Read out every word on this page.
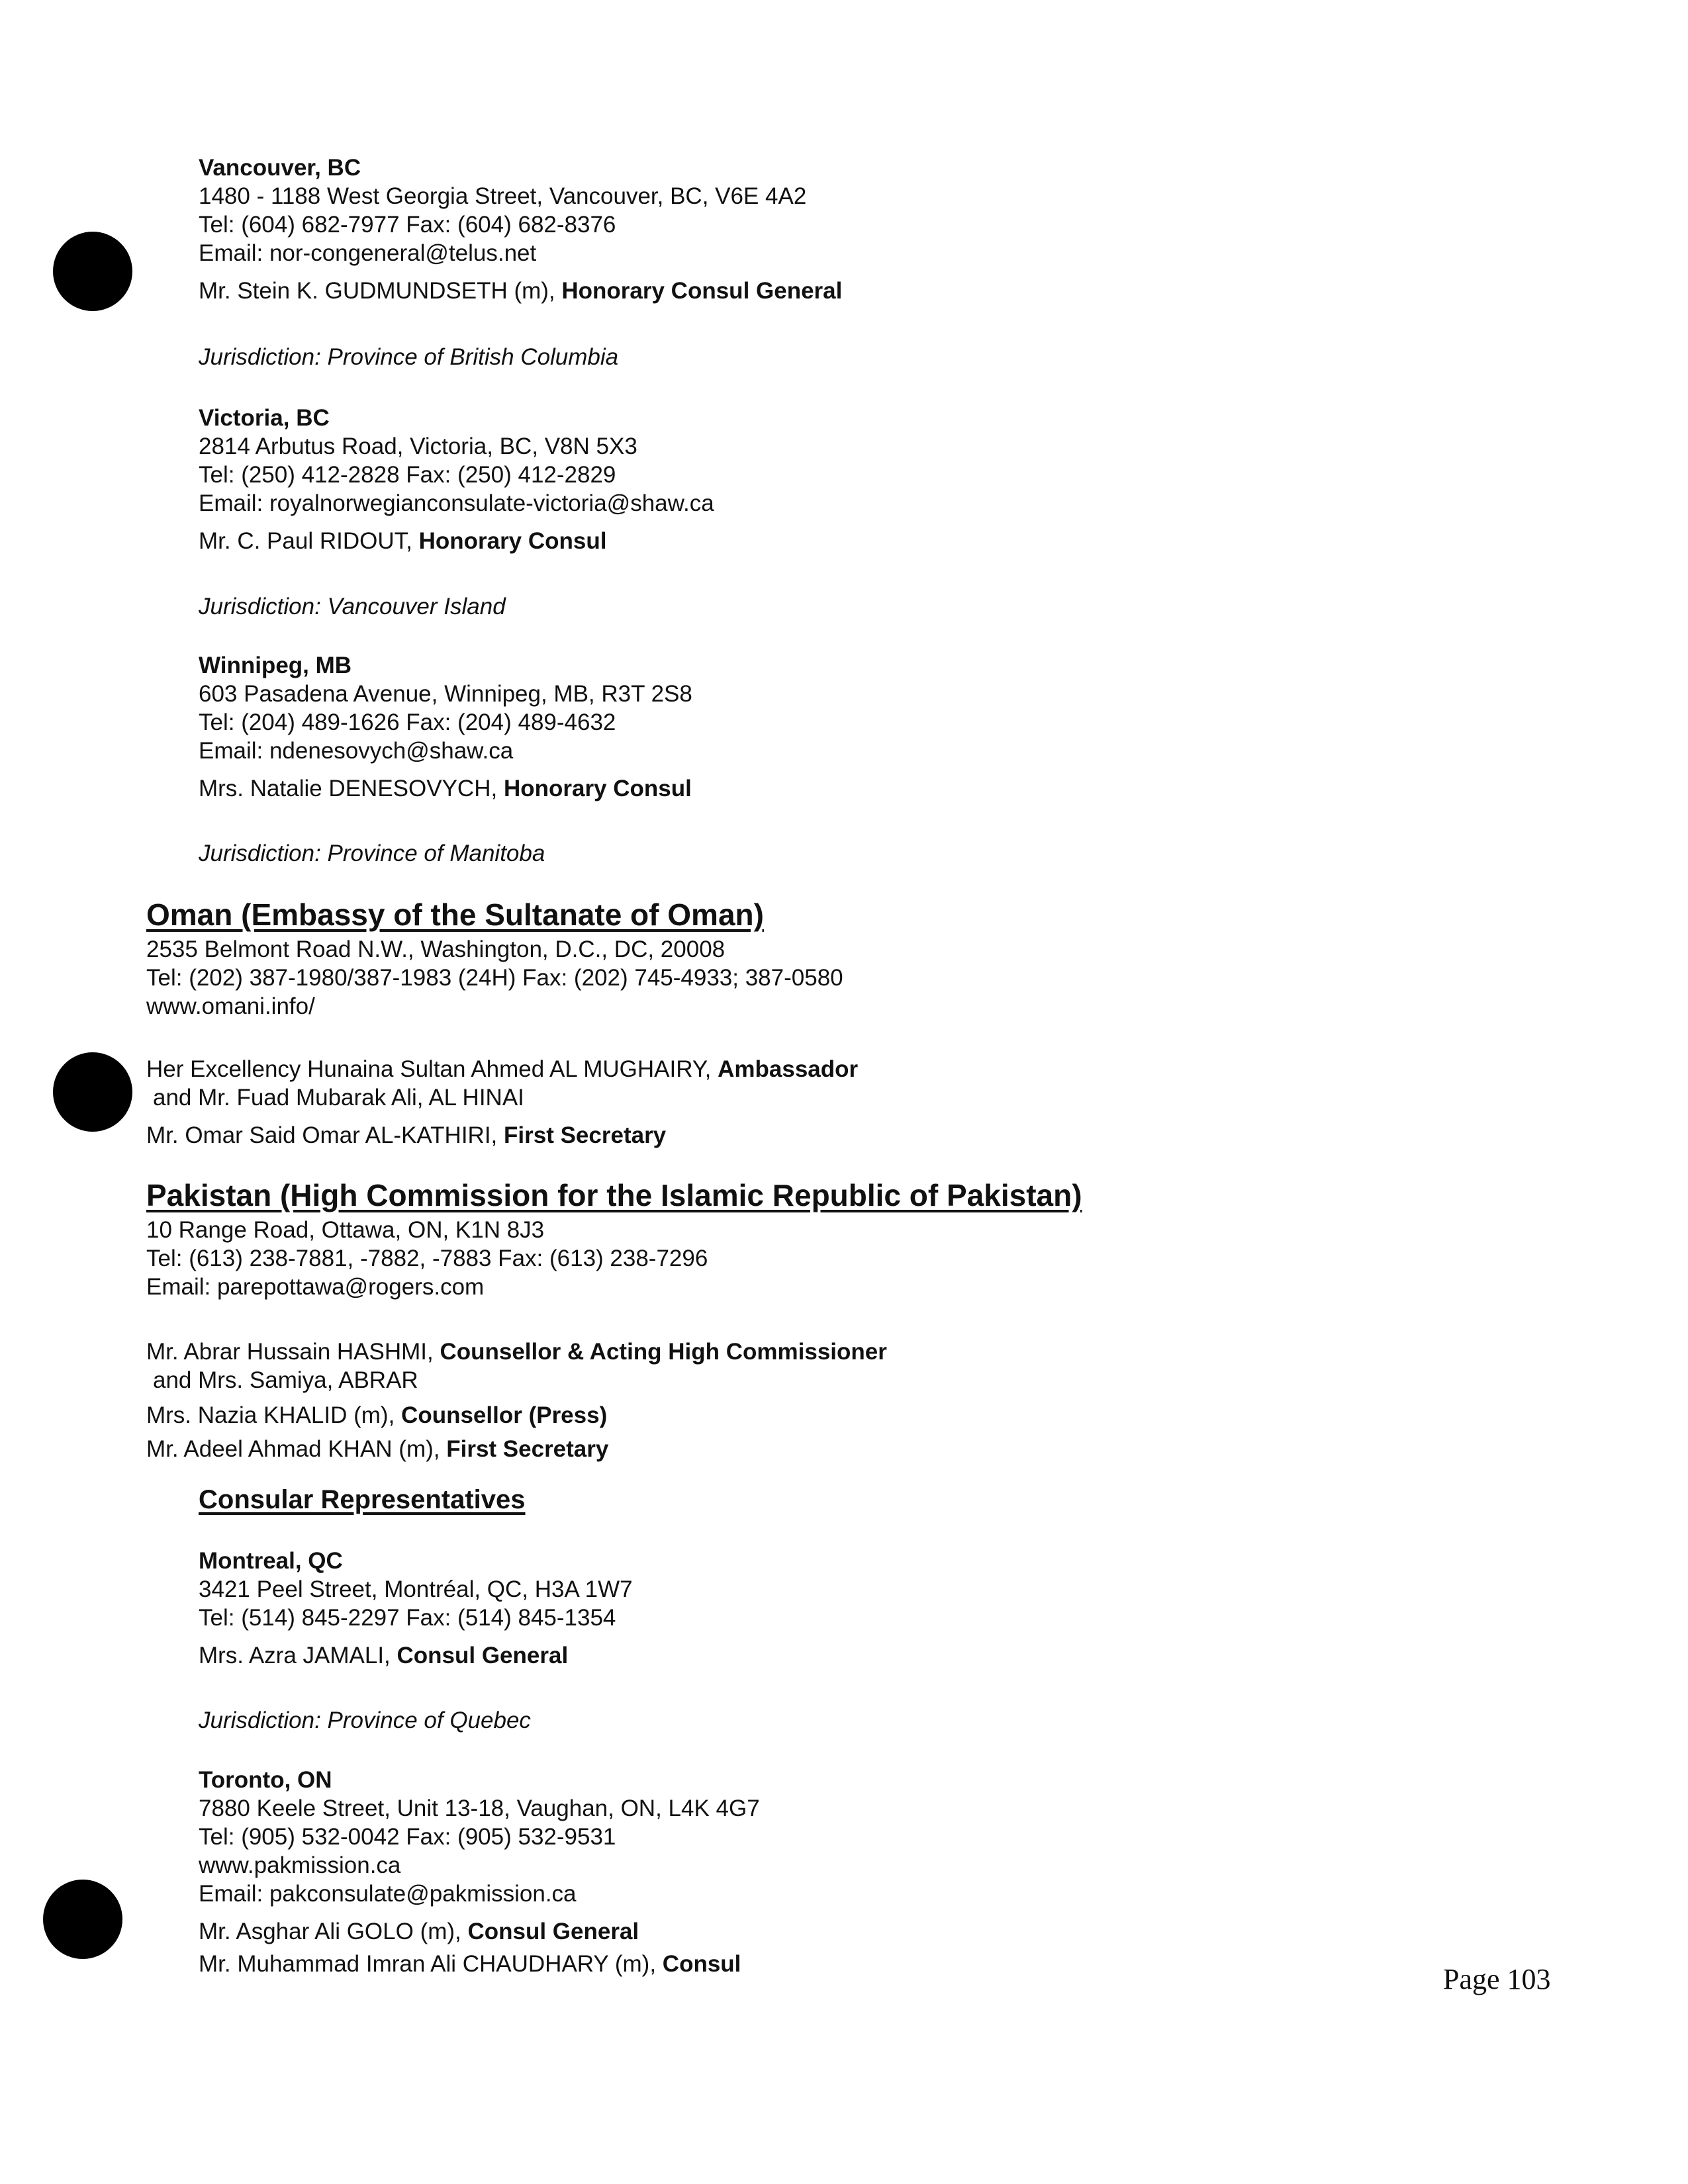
Vancouver, BC
1480 - 1188 West Georgia Street, Vancouver, BC, V6E 4A2
Tel: (604) 682-7977 Fax: (604) 682-8376
Email: nor-congeneral@telus.net
Mr. Stein K. GUDMUNDSETH (m), Honorary Consul General
Jurisdiction: Province of British Columbia
Victoria, BC
2814 Arbutus Road, Victoria, BC, V8N 5X3
Tel: (250) 412-2828 Fax: (250) 412-2829
Email: royalnorwegianconsulate-victoria@shaw.ca
Mr. C. Paul RIDOUT, Honorary Consul
Jurisdiction: Vancouver Island
Winnipeg, MB
603 Pasadena Avenue, Winnipeg, MB, R3T 2S8
Tel: (204) 489-1626 Fax: (204) 489-4632
Email: ndenesovych@shaw.ca
Mrs. Natalie DENESOVYCH, Honorary Consul
Jurisdiction: Province of Manitoba
Oman (Embassy of the Sultanate of Oman)
2535 Belmont Road N.W., Washington, D.C., DC, 20008
Tel: (202) 387-1980/387-1983 (24H) Fax: (202) 745-4933; 387-0580
www.omani.info/
Her Excellency Hunaina Sultan Ahmed AL MUGHAIRY, Ambassador
and Mr. Fuad Mubarak Ali, AL HINAI
Mr. Omar Said Omar AL-KATHIRI, First Secretary
Pakistan (High Commission for the Islamic Republic of Pakistan)
10 Range Road, Ottawa, ON, K1N 8J3
Tel: (613) 238-7881, -7882, -7883 Fax: (613) 238-7296
Email: parepottawa@rogers.com
Mr. Abrar Hussain HASHMI, Counsellor & Acting High Commissioner
and Mrs. Samiya, ABRAR
Mrs. Nazia KHALID (m), Counsellor (Press)
Mr. Adeel Ahmad KHAN (m), First Secretary
Consular Representatives
Montreal, QC
3421 Peel Street, Montréal, QC, H3A 1W7
Tel: (514) 845-2297 Fax: (514) 845-1354
Mrs. Azra JAMALI, Consul General
Jurisdiction: Province of Quebec
Toronto, ON
7880 Keele Street, Unit 13-18, Vaughan, ON, L4K 4G7
Tel: (905) 532-0042 Fax: (905) 532-9531
www.pakmission.ca
Email: pakconsulate@pakmission.ca
Mr. Asghar Ali GOLO (m), Consul General
Mr. Muhammad Imran Ali CHAUDHARY (m), Consul	Page 103
